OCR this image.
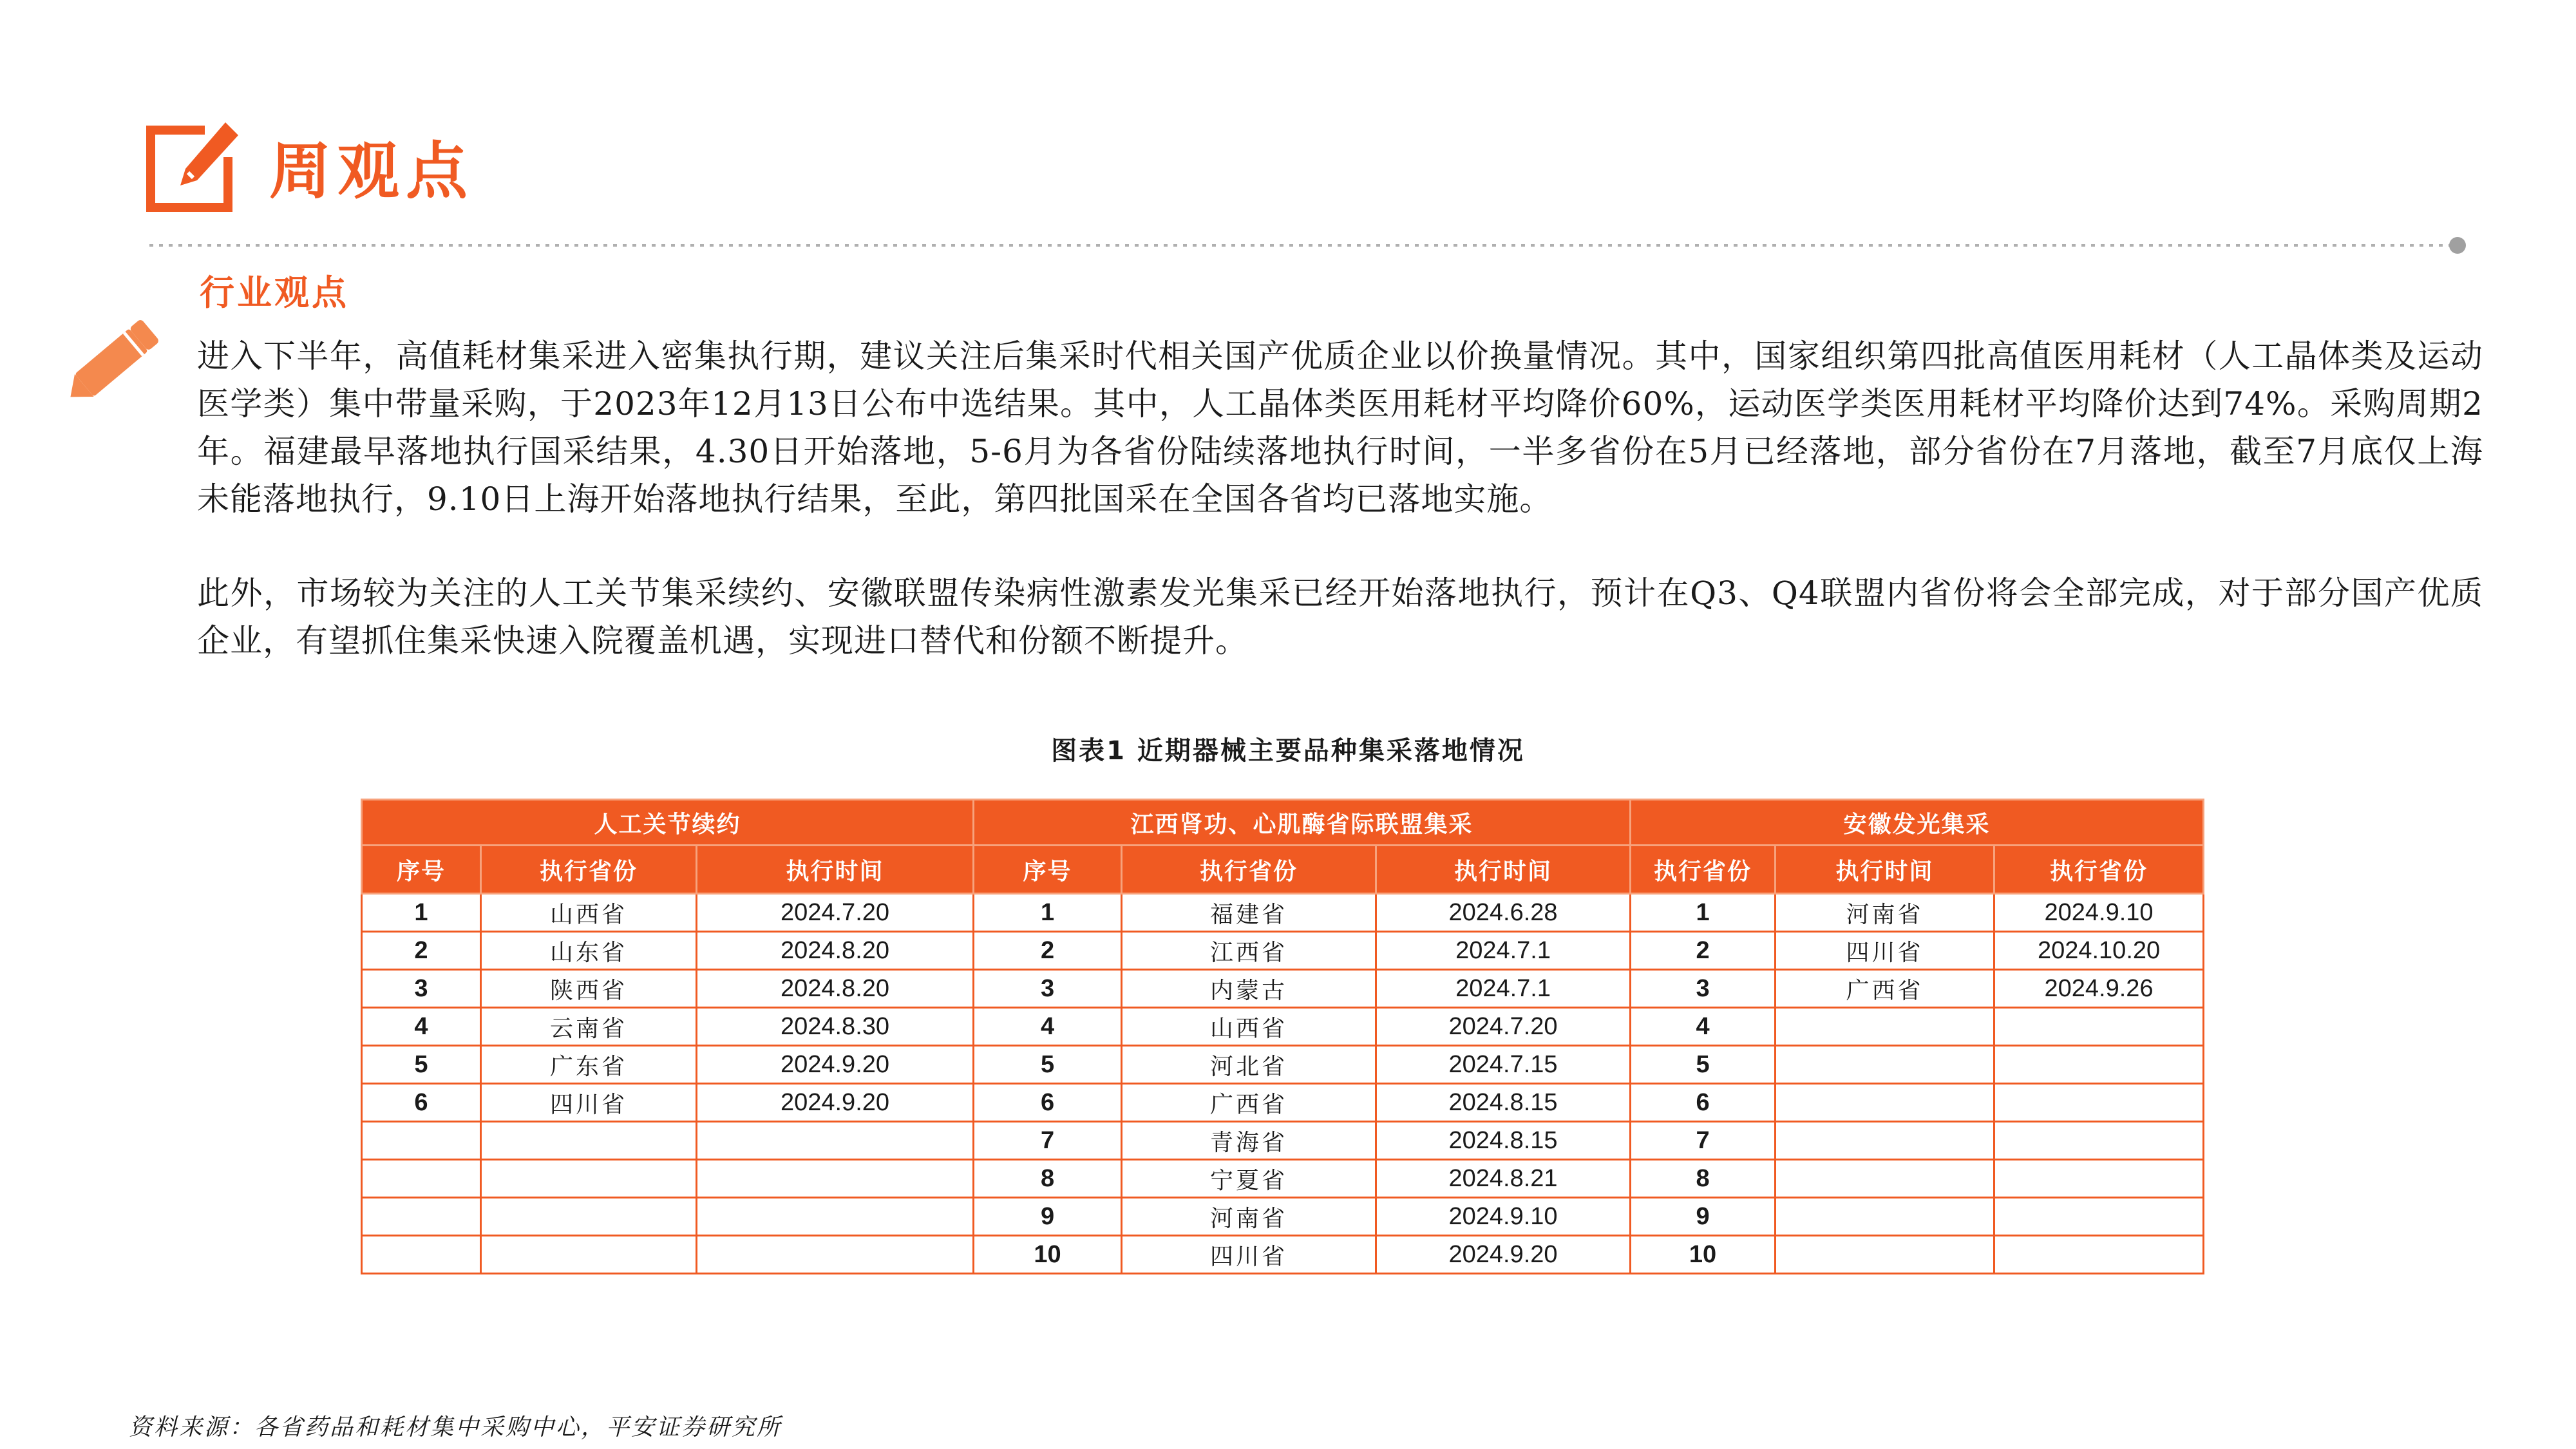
周观点
行业观点
进入下半年，高值耗材集采进入密集执行期，建议关注后集采时代相关国产优质企业以价换量情况。其中，国家组织第四批高值医用耗材（人工晶体类及运动医学类）集中带量采购，于2023年12月13日公布中选结果。其中，人工晶体类医用耗材平均降价60%，运动医学类医用耗材平均降价达到74%。采购周期2年。福建最早落地执行国采结果，4.30日开始落地，5-6月为各省份陆续落地执行时间，一半多省份在5月已经落地，部分省份在7月落地，截至7月底仅上海未能落地执行，9.10日上海开始落地执行结果，至此，第四批国采在全国各省均已落地实施。
此外，市场较为关注的人工关节集采续约、安徽联盟传染病性激素发光集采已经开始落地执行，预计在Q3、Q4联盟内省份将会全部完成，对于部分国产优质企业，有望抓住集采快速入院覆盖机遇，实现进口替代和份额不断提升。
图表1 近期器械主要品种集采落地情况
人工关节续约			江西肾功、心肌酶省际联盟集采			安徽发光集采		
序号	执行省份	执行时间	序号	执行省份	执行时间	执行省份	执行时间	执行省份
1	山西省	2024.7.20	1	福建省	2024.6.28	1	河南省	2024.9.10
2	山东省	2024.8.20	2	江西省	2024.7.1	2	四川省	2024.10.20
3	陕西省	2024.8.20	3	内蒙古	2024.7.1	3	广西省	2024.9.26
4	云南省	2024.8.30	4	山西省	2024.7.20	4		
5	广东省	2024.9.20	5	河北省	2024.7.15	5		
6	四川省	2024.9.20	6	广西省	2024.8.15	6		
			7	青海省	2024.8.15	7		
			8	宁夏省	2024.8.21	8		
			9	河南省	2024.9.10	9		
			10	四川省	2024.9.20	10		
资料来源：各省药品和耗材集中采购中心，平安证券研究所
